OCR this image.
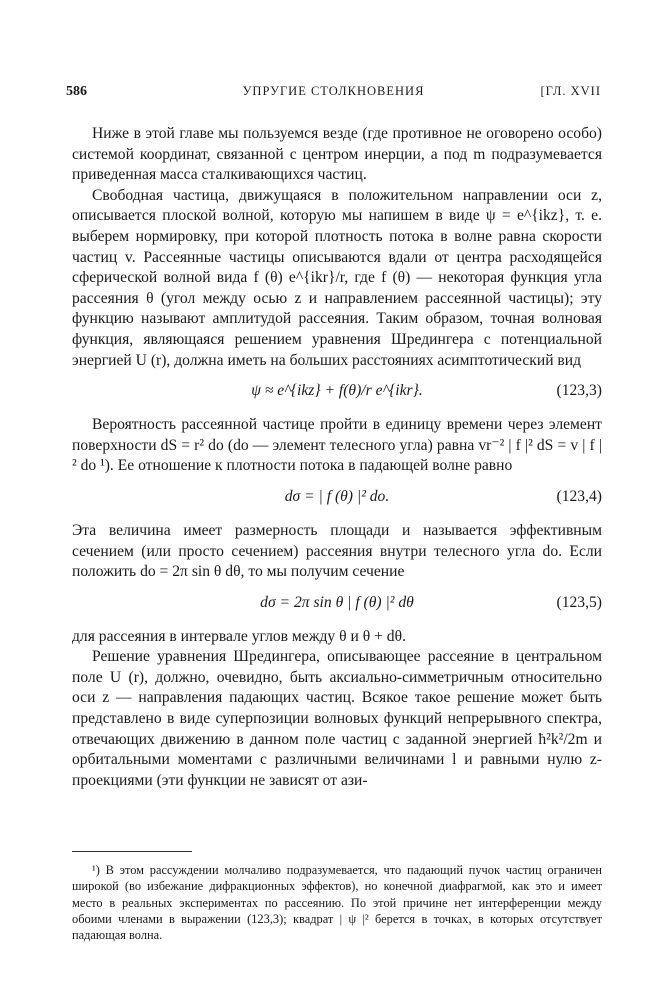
586	УПРУГИЕ СТОЛКНОВЕНИЯ	[ГЛ. XVII

Ниже в этой главе мы пользуемся везде (где противное не оговорено особо) системой координат, связанной с центром инерции, а под m подразумевается приведенная масса сталкивающихся частиц.

Свободная частица, движущаяся в положительном направлении оси z, описывается плоской волной, которую мы напишем в виде ψ = e^{ikz}, т. е. выберем нормировку, при которой плотность потока в волне равна скорости частиц v. Рассеянные частицы описываются вдали от центра расходящейся сферической волной вида f (θ) e^{ikr}/r, где f (θ) — некоторая функция угла рассеяния θ (угол между осью z и направлением рассеянной частицы); эту функцию называют амплитудой рассеяния. Таким образом, точная волновая функция, являющаяся решением уравнения Шредингера с потенциальной энергией U (r), должна иметь на больших расстояниях асимптотический вид

ψ ≈ e^{ikz} + f(θ)/r e^{ikr}.	(123,3)

Вероятность рассеянной частице пройти в единицу времени через элемент поверхности dS = r² do (do — элемент телесного угла) равна vr⁻² | f |² dS = v | f |² do ¹). Ее отношение к плотности потока в падающей волне равно

dσ = | f (θ) |² do.	(123,4)

Эта величина имеет размерность площади и называется эффективным сечением (или просто сечением) рассеяния внутри телесного угла do. Если положить do = 2π sin θ dθ, то мы получим сечение

dσ = 2π sin θ | f (θ) |² dθ	(123,5)

для рассеяния в интервале углов между θ и θ + dθ.

Решение уравнения Шредингера, описывающее рассеяние в центральном поле U (r), должно, очевидно, быть аксиально-симметричным относительно оси z — направления падающих частиц. Всякое такое решение может быть представлено в виде суперпозиции волновых функций непрерывного спектра, отвечающих движению в данном поле частиц с заданной энергией ħ²k²/2m и орбитальными моментами с различными величинами l и равными нулю z-проекциями (эти функции не зависят от ази-

¹) В этом рассуждении молчаливо подразумевается, что падающий пучок частиц ограничен широкой (во избежание дифракционных эффектов), но конечной диафрагмой, как это и имеет место в реальных экспериментах по рассеянию. По этой причине нет интерференции между обоими членами в выражении (123,3); квадрат | ψ |² берется в точках, в которых отсутствует падающая волна.
